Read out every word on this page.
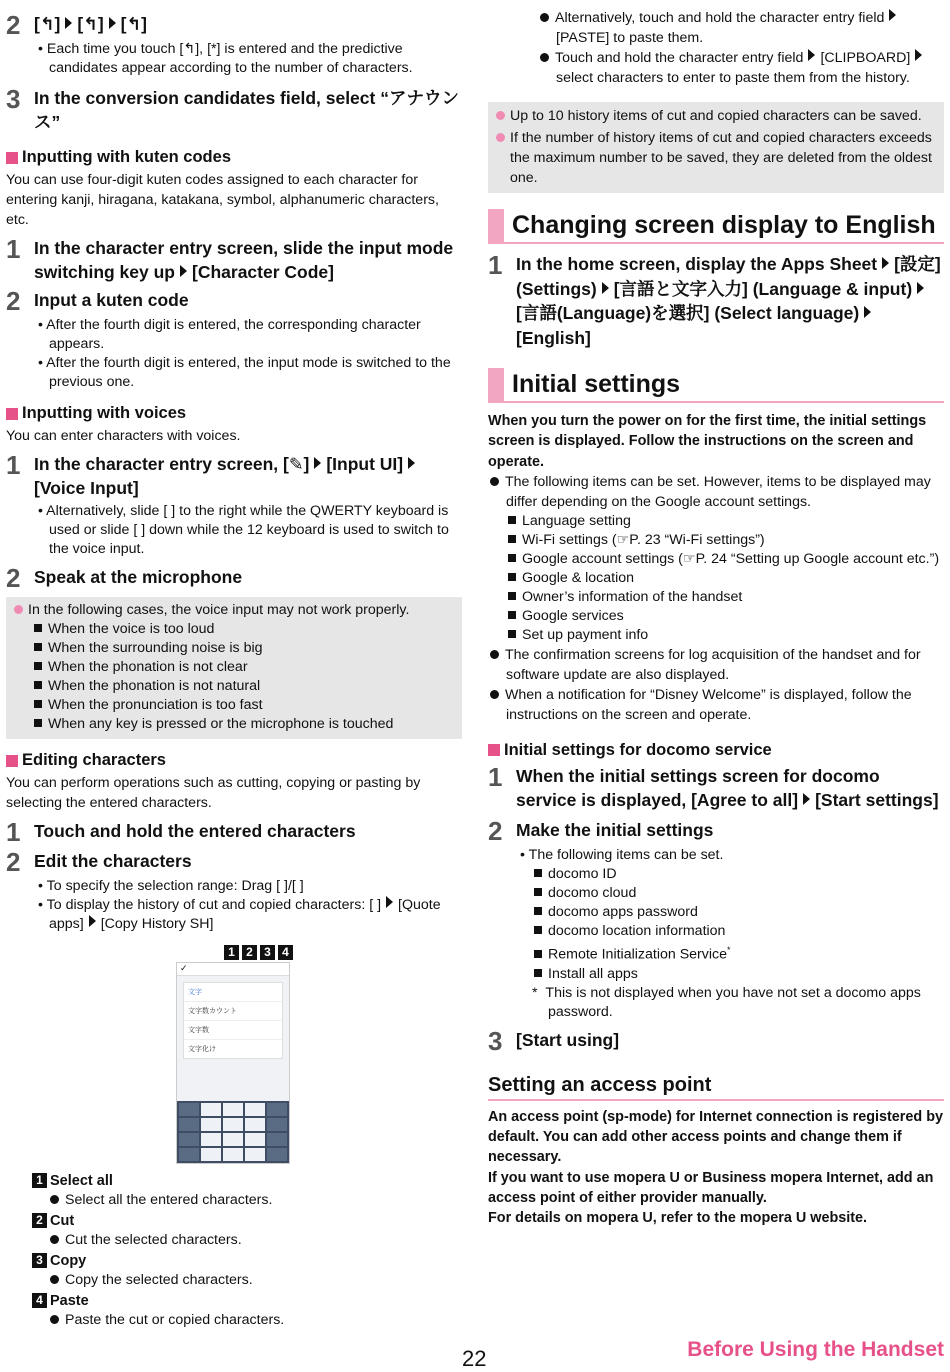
2 [↰] [↰] [↰]
• Each time you touch [↰], [*] is entered and the predictive candidates appear according to the number of characters.
3 In the conversion candidates field, select “アナウンス”
Inputting with kuten codes
You can use four-digit kuten codes assigned to each character for entering kanji, hiragana, katakana, symbol, alphanumeric characters, etc.
1 In the character entry screen, slide the input mode switching key up [Character Code]
2 Input a kuten code
• After the fourth digit is entered, the corresponding character appears.
• After the fourth digit is entered, the input mode is switched to the previous one.
Inputting with voices
You can enter characters with voices.
1 In the character entry screen, [✎] [Input UI]
[Voice Input]
• Alternatively, slide [ ] to the right while the QWERTY keyboard is used or slide [ ] down while the 12 keyboard is used to switch to the voice input.
2 Speak at the microphone
In the following cases, the voice input may not work properly.
When the voice is too loud
When the surrounding noise is big
When the phonation is not clear
When the phonation is not natural
When the pronunciation is too fast
When any key is pressed or the microphone is touched
Editing characters
You can perform operations such as cutting, copying or pasting by selecting the entered characters.
1 Touch and hold the entered characters
2 Edit the characters
• To specify the selection range: Drag [ ]/[ ]
• To display the history of cut and copied characters: [ ] [Quote apps] [Copy History SH]
1 2 3 4
✓
文字
文字数カウント
文字数
文字化け
1 Select all
Select all the entered characters.
2 Cut
Cut the selected characters.
3 Copy
Copy the selected characters.
4 Paste
Paste the cut or copied characters.
Alternatively, touch and hold the character entry field[PASTE] to paste them.
Touch and hold the character entry field [CLIPBOARD]select characters to enter to paste them from the history.
Up to 10 history items of cut and copied characters can be saved.
If the number of history items of cut and copied characters exceeds the maximum number to be saved, they are deleted from the oldest one.
Changing screen display to English
1 In the home screen, display the Apps Sheet [設定] (Settings) [言語と文字入力] (Language & input)[言語(Language)を選択] (Select language)[English]
Initial settings
When you turn the power on for the first time, the initial settings screen is displayed. Follow the instructions on the screen and operate.
The following items can be set. However, items to be displayed may differ depending on the Google account settings.
Language setting
Wi-Fi settings (☞P. 23 “Wi-Fi settings”)
Google account settings (☞P. 24 “Setting up Google account etc.”)
Google & location
Owner’s information of the handset
Google services
Set up payment info
The confirmation screens for log acquisition of the handset and for software update are also displayed.
When a notification for “Disney Welcome” is displayed, follow the instructions on the screen and operate.
Initial settings for docomo service
1 When the initial settings screen for docomo service is displayed, [Agree to all] [Start settings]
2 Make the initial settings
• The following items can be set.
docomo ID
docomo cloud
docomo apps password
docomo location information
Remote Initialization Service*
Install all apps
* This is not displayed when you have not set a docomo apps password.
3 [Start using]
Setting an access point
An access point (sp-mode) for Internet connection is registered by default. You can add other access points and change them if necessary.
If you want to use mopera U or Business mopera Internet, add an access point of either provider manually.
For details on mopera U, refer to the mopera U website.
22	Before Using the Handset
